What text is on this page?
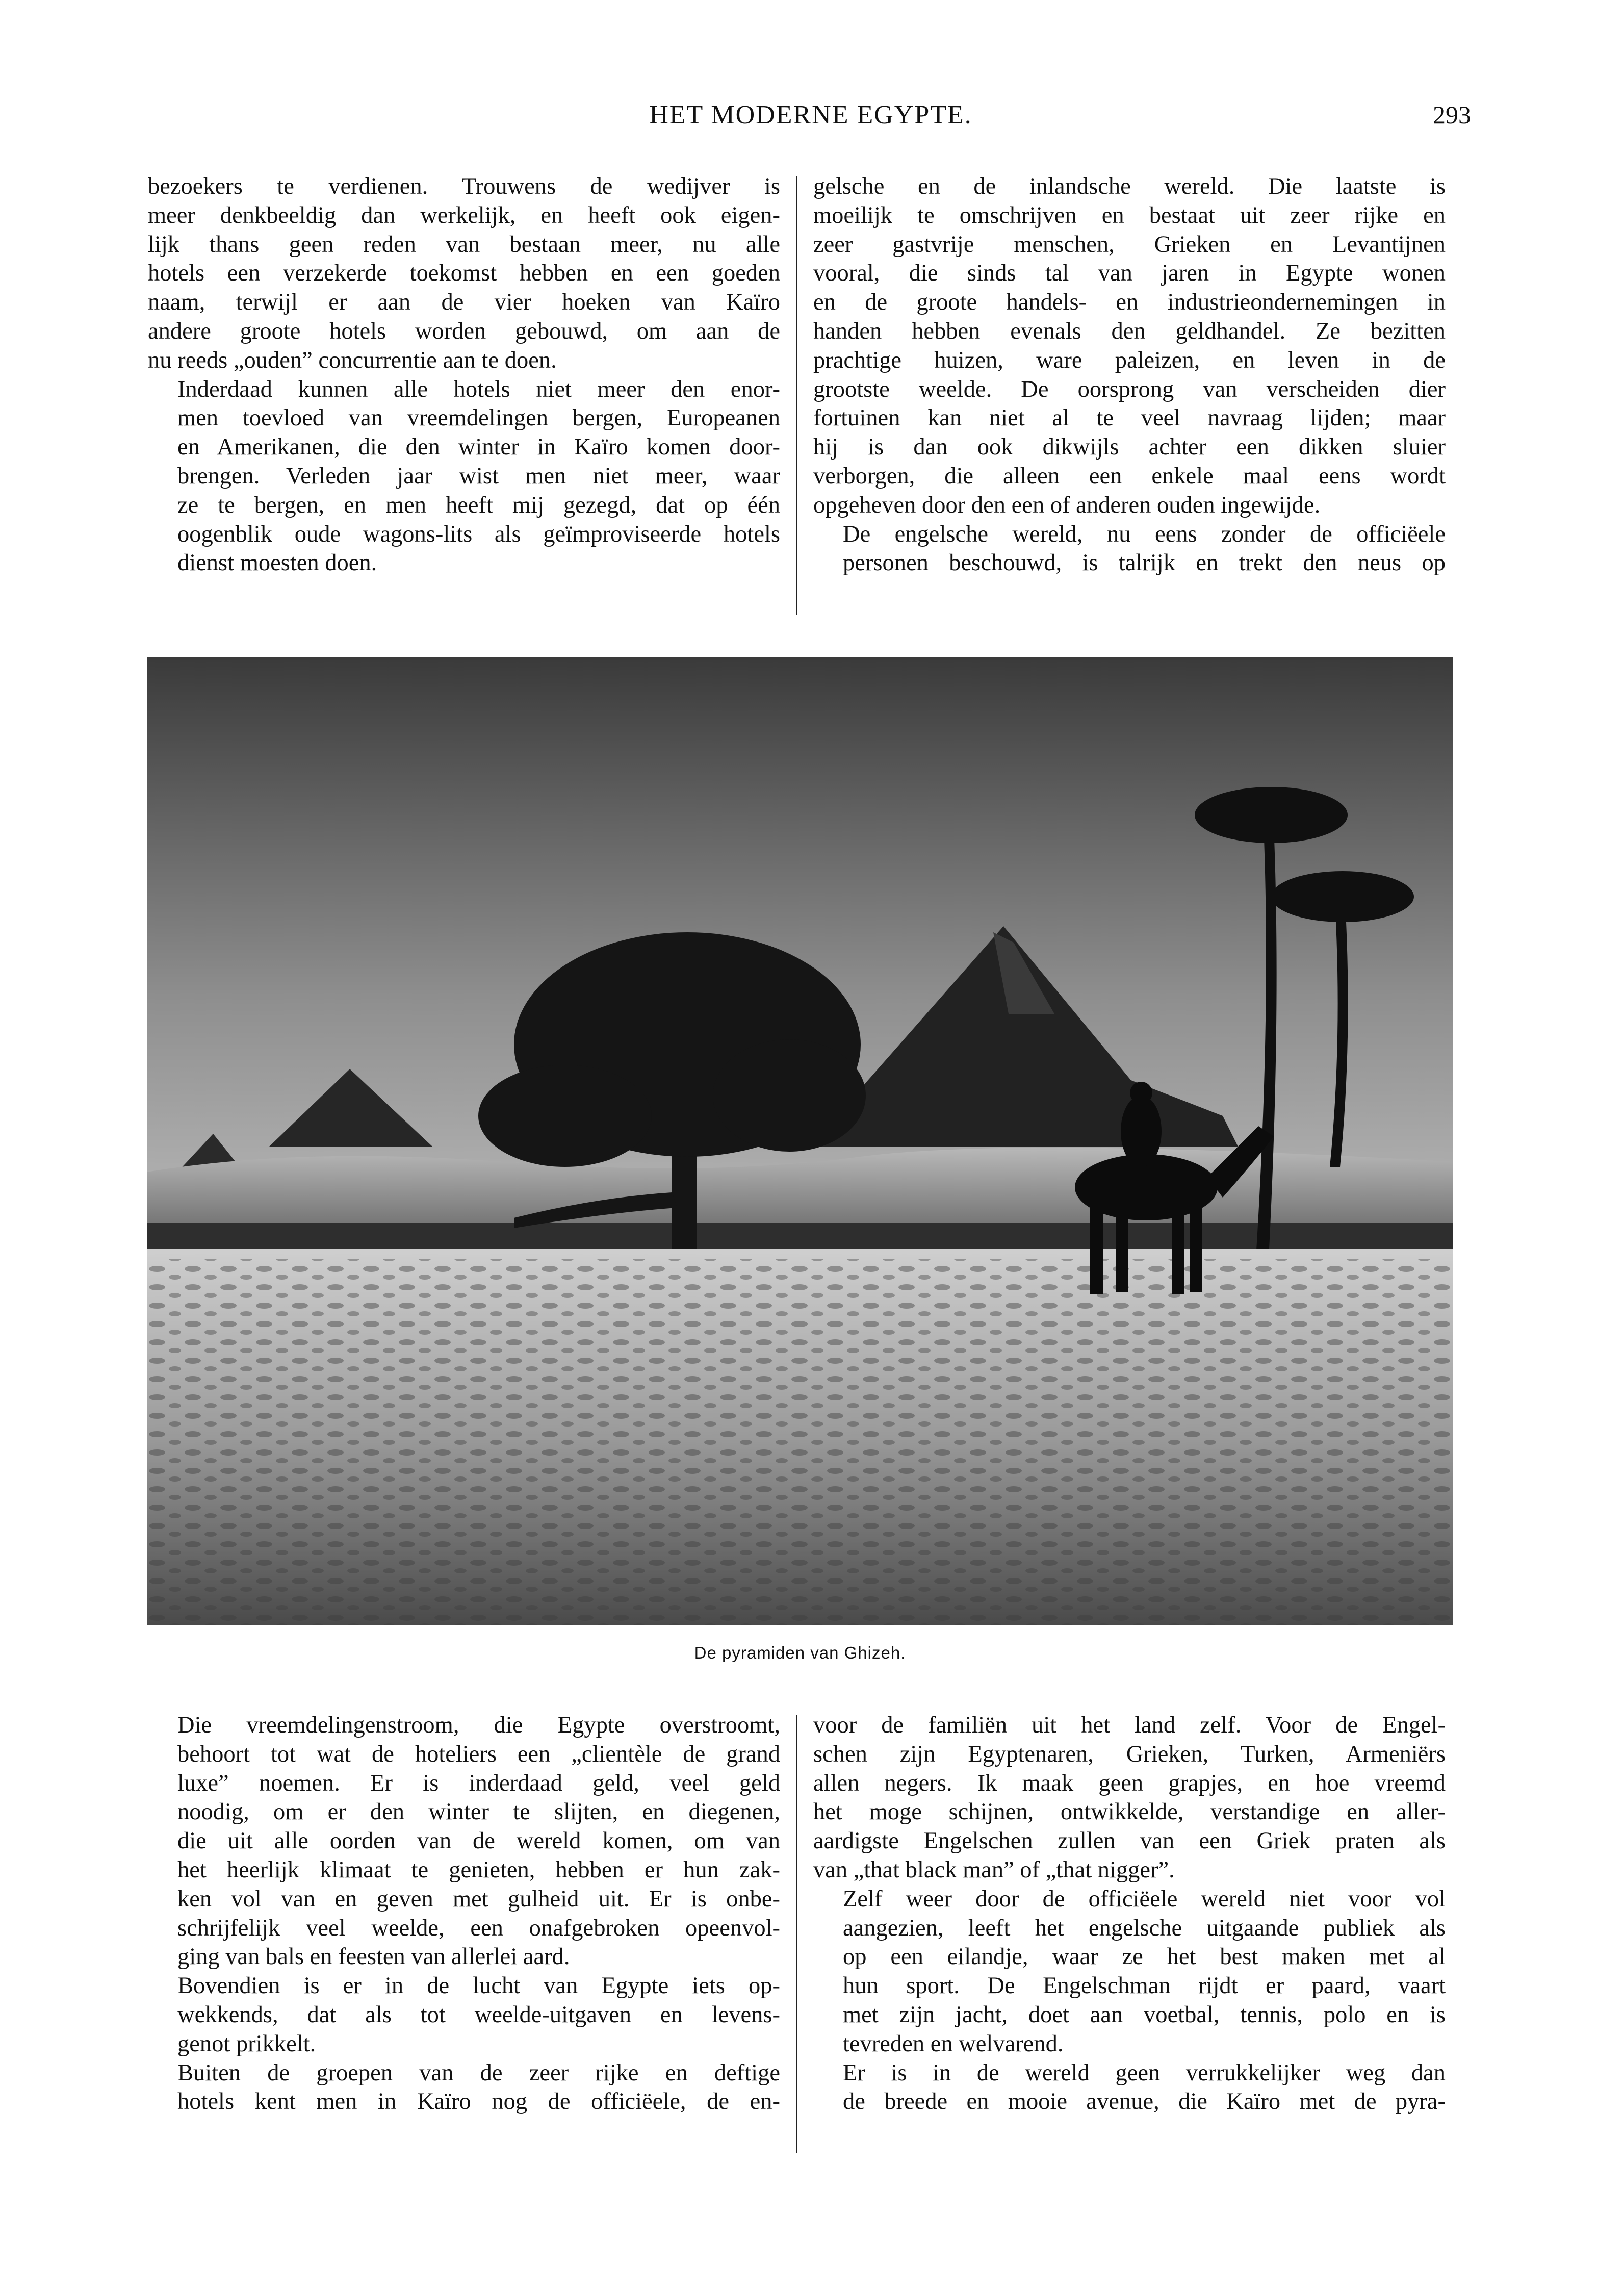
HET MODERNE EGYPTE.	293

bezoekers te verdienen. Trouwens de wedijver is
meer denkbeeldig dan werkelijk, en heeft ook eigen-
lijk thans geen reden van bestaan meer, nu alle
hotels een verzekerde toekomst hebben en een goeden
naam, terwijl er aan de vier hoeken van Kaïro
andere groote hotels worden gebouwd, om aan de
nu reeds „ouden” concurrentie aan te doen.

Inderdaad kunnen alle hotels niet meer den enor-
men toevloed van vreemdelingen bergen, Europeanen
en Amerikanen, die den winter in Kaïro komen door-
brengen. Verleden jaar wist men niet meer, waar
ze te bergen, en men heeft mij gezegd, dat op één
oogenblik oude wagons-lits als geïmproviseerde hotels
dienst moesten doen.

gelsche en de inlandsche wereld. Die laatste is
moeilijk te omschrijven en bestaat uit zeer rijke en
zeer gastvrije menschen, Grieken en Levantijnen
vooral, die sinds tal van jaren in Egypte wonen
en de groote handels- en industrieondernemingen in
handen hebben evenals den geldhandel. Ze bezitten
prachtige huizen, ware paleizen, en leven in de
grootste weelde. De oorsprong van verscheiden dier
fortuinen kan niet al te veel navraag lijden; maar
hij is dan ook dikwijls achter een dikken sluier
verborgen, die alleen een enkele maal eens wordt
opgeheven door den een of anderen ouden ingewijde.

De engelsche wereld, nu eens zonder de officiëele
personen beschouwd, is talrijk en trekt den neus op

De pyramiden van Ghizeh.

Die vreemdelingenstroom, die Egypte overstroomt,
behoort tot wat de hoteliers een „clientèle de grand
luxe” noemen. Er is inderdaad geld, veel geld
noodig, om er den winter te slijten, en diegenen,
die uit alle oorden van de wereld komen, om van
het heerlijk klimaat te genieten, hebben er hun zak-
ken vol van en geven met gulheid uit. Er is onbe-
schrijfelijk veel weelde, een onafgebroken opeenvol-
ging van bals en feesten van allerlei aard.

Bovendien is er in de lucht van Egypte iets op-
wekkends, dat als tot weelde-uitgaven en levens-
genot prikkelt.

Buiten de groepen van de zeer rijke en deftige
hotels kent men in Kaïro nog de officiëele, de en-

voor de familiën uit het land zelf. Voor de Engel-
schen zijn Egyptenaren, Grieken, Turken, Armeniërs
allen negers. Ik maak geen grapjes, en hoe vreemd
het moge schijnen, ontwikkelde, verstandige en aller-
aardigste Engelschen zullen van een Griek praten als
van „that black man” of „that nigger”.

Zelf weer door de officiëele wereld niet voor vol
aangezien, leeft het engelsche uitgaande publiek als
op een eilandje, waar ze het best maken met al
hun sport. De Engelschman rijdt er paard, vaart
met zijn jacht, doet aan voetbal, tennis, polo en is
tevreden en welvarend.

Er is in de wereld geen verrukkelijker weg dan
de breede en mooie avenue, die Kaïro met de pyra-
